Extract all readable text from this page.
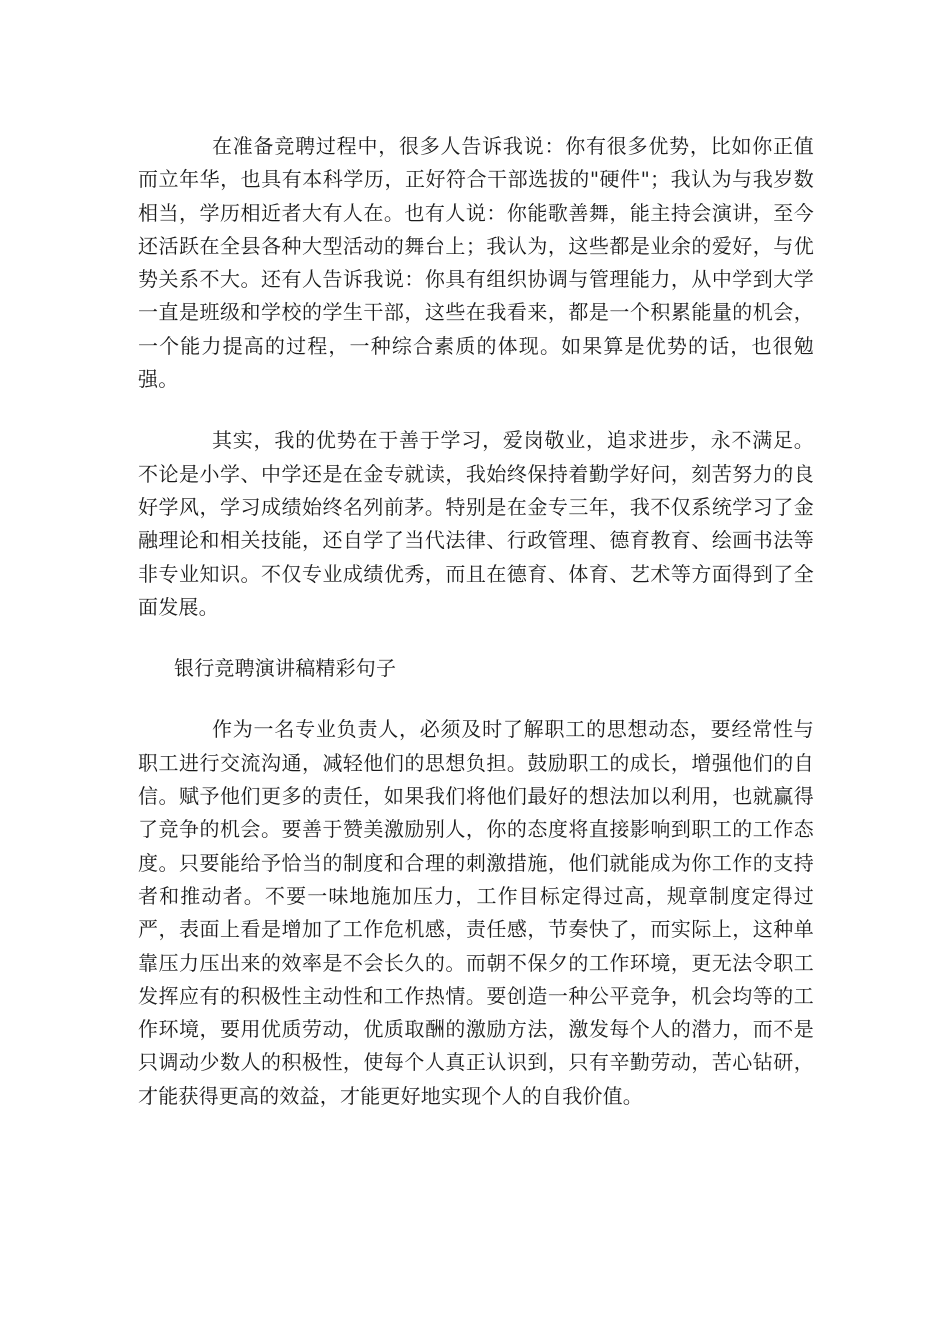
在准备竞聘过程中，很多人告诉我说：你有很多优势，比如你正值而立年华，也具有本科学历，正好符合干部选拔的"硬件"；我认为与我岁数相当，学历相近者大有人在。也有人说：你能歌善舞，能主持会演讲，至今还活跃在全县各种大型活动的舞台上；我认为，这些都是业余的爱好，与优势关系不大。还有人告诉我说：你具有组织协调与管理能力，从中学到大学一直是班级和学校的学生干部，这些在我看来，都是一个积累能量的机会，一个能力提高的过程，一种综合素质的体现。如果算是优势的话，也很勉强。

其实，我的优势在于善于学习，爱岗敬业，追求进步，永不满足。不论是小学、中学还是在金专就读，我始终保持着勤学好问，刻苦努力的良好学风，学习成绩始终名列前茅。特别是在金专三年，我不仅系统学习了金融理论和相关技能，还自学了当代法律、行政管理、德育教育、绘画书法等非专业知识。不仅专业成绩优秀，而且在德育、体育、艺术等方面得到了全面发展。

银行竞聘演讲稿精彩句子

作为一名专业负责人，必须及时了解职工的思想动态，要经常性与职工进行交流沟通，减轻他们的思想负担。鼓励职工的成长，增强他们的自信。赋予他们更多的责任，如果我们将他们最好的想法加以利用，也就赢得了竞争的机会。要善于赞美激励别人，你的态度将直接影响到职工的工作态度。只要能给予恰当的制度和合理的刺激措施，他们就能成为你工作的支持者和推动者。不要一味地施加压力，工作目标定得过高，规章制度定得过严，表面上看是增加了工作危机感，责任感，节奏快了，而实际上，这种单靠压力压出来的效率是不会长久的。而朝不保夕的工作环境，更无法令职工发挥应有的积极性主动性和工作热情。要创造一种公平竞争，机会均等的工作环境，要用优质劳动，优质取酬的激励方法，激发每个人的潜力，而不是只调动少数人的积极性，使每个人真正认识到，只有辛勤劳动，苦心钻研，才能获得更高的效益，才能更好地实现个人的自我价值。
